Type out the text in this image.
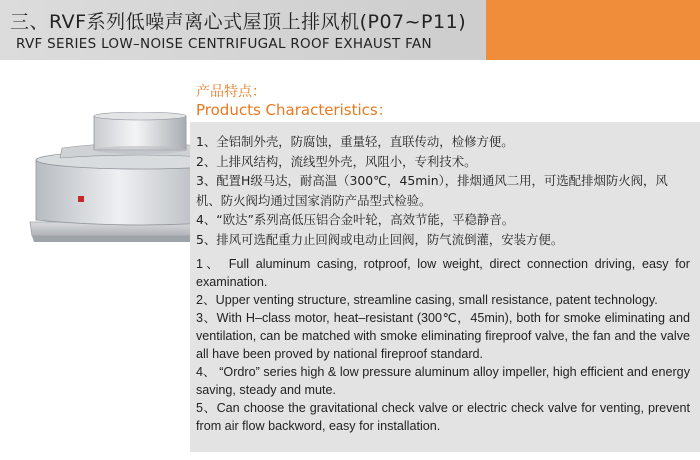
三、RVF系列低噪声离心式屋顶上排风机(P07~P11)
RVF SERIES LOW–NOISE CENTRIFUGAL ROOF EXHAUST FAN
产品特点：
Products Characteristics：
1、全铝制外壳，防腐蚀，重量轻，直联传动，检修方便。
2、上排风结构，流线型外壳，风阻小，专利技术。
3、配置H级马达，耐高温（300℃，45min），排烟通风二用，可选配排烟防火阀，风机、防火阀均通过国家消防产品型式检验。
4、“欧达”系列高低压铝合金叶轮，高效节能，平稳静音。
5、排风可选配重力止回阀或电动止回阀，防气流倒灌，安装方便。
1、 Full aluminum casing, rotproof, low weight, direct connection driving, easy for examination.
2、Upper venting structure, streamline casing, small resistance, patent technology.
3、With H–class motor, heat–resistant (300℃，45min), both for smoke eliminating and ventilation, can be matched with smoke eliminating fireproof valve, the fan and the valve all have been proved by national fireproof standard.
4、 “Ordro” series high & low pressure aluminum alloy impeller, high efficient and energy saving, steady and mute.
5、Can choose the gravitational check valve or electric check valve for venting, prevent from air flow backword, easy for installation.
